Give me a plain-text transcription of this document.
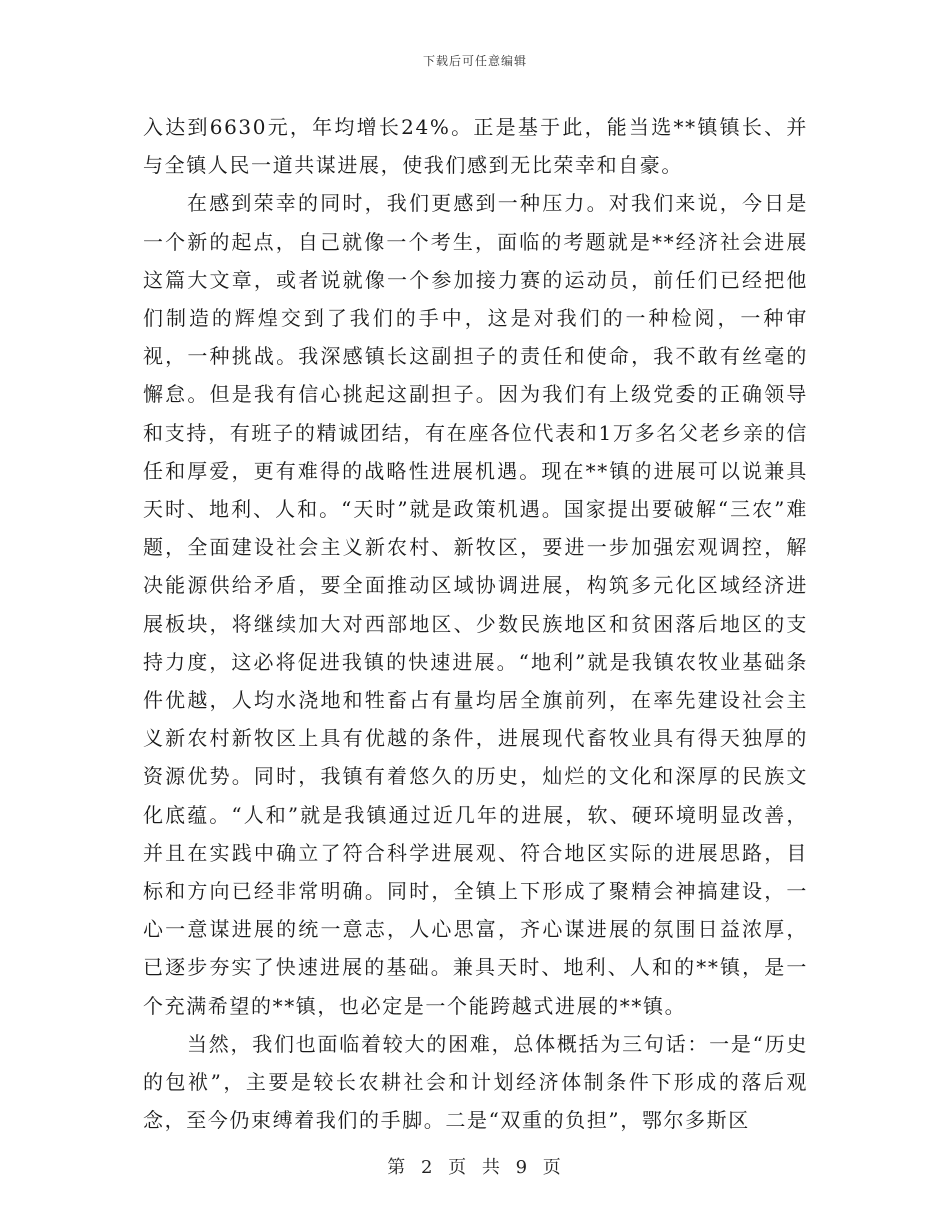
下载后可任意编辑

入达到6630元，年均增长24%。正是基于此，能当选**镇镇长、并与全镇人民一道共谋进展，使我们感到无比荣幸和自豪。

在感到荣幸的同时，我们更感到一种压力。对我们来说，今日是一个新的起点，自己就像一个考生，面临的考题就是**经济社会进展这篇大文章，或者说就像一个参加接力赛的运动员，前任们已经把他们制造的辉煌交到了我们的手中，这是对我们的一种检阅，一种审视，一种挑战。我深感镇长这副担子的责任和使命，我不敢有丝毫的懈怠。但是我有信心挑起这副担子。因为我们有上级党委的正确领导和支持，有班子的精诚团结，有在座各位代表和1万多名父老乡亲的信任和厚爱，更有难得的战略性进展机遇。现在**镇的进展可以说兼具天时、地利、人和。“天时”就是政策机遇。国家提出要破解“三农”难题，全面建设社会主义新农村、新牧区，要进一步加强宏观调控，解决能源供给矛盾，要全面推动区域协调进展，构筑多元化区域经济进展板块，将继续加大对西部地区、少数民族地区和贫困落后地区的支持力度，这必将促进我镇的快速进展。“地利”就是我镇农牧业基础条件优越，人均水浇地和牲畜占有量均居全旗前列，在率先建设社会主义新农村新牧区上具有优越的条件，进展现代畜牧业具有得天独厚的资源优势。同时，我镇有着悠久的历史，灿烂的文化和深厚的民族文化底蕴。“人和”就是我镇通过近几年的进展，软、硬环境明显改善，并且在实践中确立了符合科学进展观、符合地区实际的进展思路，目标和方向已经非常明确。同时，全镇上下形成了聚精会神搞建设，一心一意谋进展的统一意志，人心思富，齐心谋进展的氛围日益浓厚，已逐步夯实了快速进展的基础。兼具天时、地利、人和的**镇，是一个充满希望的**镇，也必定是一个能跨越式进展的**镇。

当然，我们也面临着较大的困难，总体概括为三句话：一是“历史的包袱”，主要是较长农耕社会和计划经济体制条件下形成的落后观念，至今仍束缚着我们的手脚。二是“双重的负担”，鄂尔多斯区

第 2 页 共 9 页
